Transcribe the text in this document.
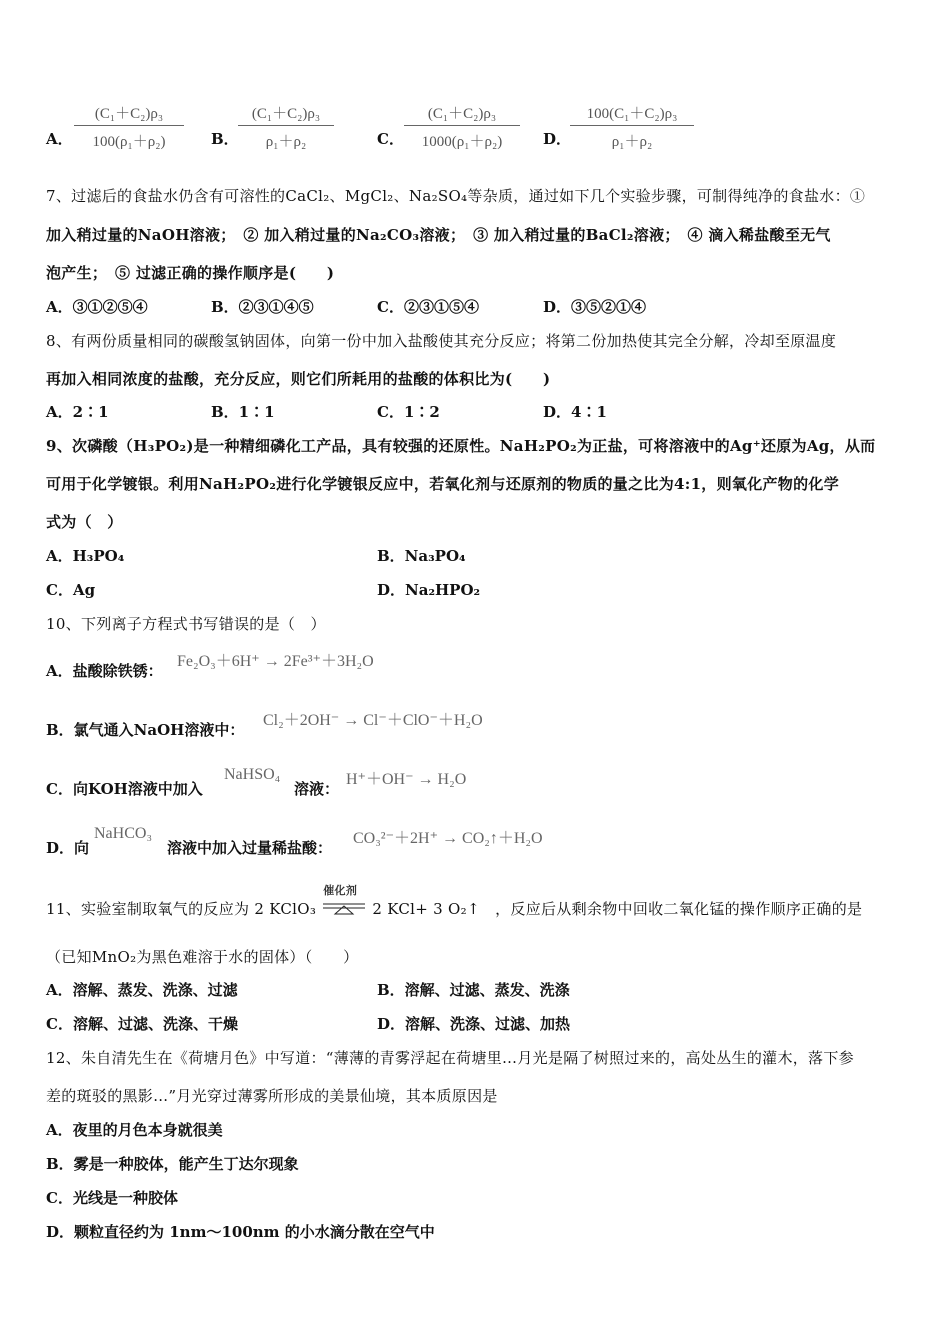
A． $\frac{\text{(C₁＋C₂)ρ₃}}{\text{100(ρ₁＋ρ₂)}}$ B． $\frac{\text{(C₁＋C₂)ρ₃}}{\text{ρ₁＋ρ₂}}$	C． $\frac{\text{(C₁＋C₂)ρ₃}}{\text{1000(ρ₁＋ρ₂)}}$ D．
$\frac{\text{100(C₁＋C₂)ρ₃}}{\text{ρ₁＋ρ₂}}$
7、过滤后的食盐水仍含有可溶性的CaCl₂、MgCl₂、Na₂SO₄等杂质，通过如下几个实验步骤，可制得纯净的食盐水：①
加入稍过量的NaOH溶液；　② 加入稍过量的Na₂CO₃溶液；　③ 加入稍过量的BaCl₂溶液；　④ 滴入稀盐酸至无气
泡产生；　⑤ 过滤正确的操作顺序是(　　)
A．③①②⑤④	B．②③①④⑤	C．②③①⑤④	D．③⑤②①④
8、有两份质量相同的碳酸氢钠固体，向第一份中加入盐酸使其充分反应；将第二份加热使其完全分解，冷却至原温度
再加入相同浓度的盐酸，充分反应，则它们所耗用的盐酸的体积比为(　　)
A．2∶1	B．1∶1	C．1∶2	D．4∶1
9、次磷酸（H₃PO₂)是一种精细磷化工产品，具有较强的还原性。NaH₂PO₂为正盐，可将溶液中的Ag⁺还原为Ag，从而
可用于化学镀银。利用NaH₂PO₂进行化学镀银反应中，若氧化剂与还原剂的物质的量之比为4:1，则氧化产物的化学
式为（　）
A．H₃PO₄	B．Na₃PO₄
C．Ag	D．Na₂HPO₂
10、下列离子方程式书写错误的是（　）
A．盐酸除铁锈：
Fe₂O₃＋6H⁺ → 2Fe³⁺＋3H₂O
B．氯气通入NaOH溶液中：
Cl₂＋2OH⁻ → Cl⁻＋ClO⁻＋H₂O
C．向KOH溶液中加入
NaHSO₄
溶液：
H⁺＋OH⁻ → H₂O
D．向
NaHCO₃
溶液中加入过量稀盐酸：
CO₃²⁻＋2H⁺ → CO₂↑＋H₂O
11、实验室制取氧气的反应为 2 KClO₃
催化剂
2 KCl+ 3 O₂↑　，反应后从剩余物中回收二氧化锰的操作顺序正确的是
（已知MnO₂为黑色难溶于水的固体）（　　）
A．溶解、蒸发、洗涤、过滤	B．溶解、过滤、蒸发、洗涤
C．溶解、过滤、洗涤、干燥	D．溶解、洗涤、过滤、加热
12、朱自清先生在《荷塘月色》中写道：“薄薄的青雾浮起在荷塘里…月光是隔了树照过来的，高处丛生的灌木，落下参
差的斑驳的黑影…”月光穿过薄雾所形成的美景仙境，其本质原因是
A．夜里的月色本身就很美
B．雾是一种胶体，能产生丁达尔现象
C．光线是一种胶体
D．颗粒直径约为 1nm～100nm 的小水滴分散在空气中
